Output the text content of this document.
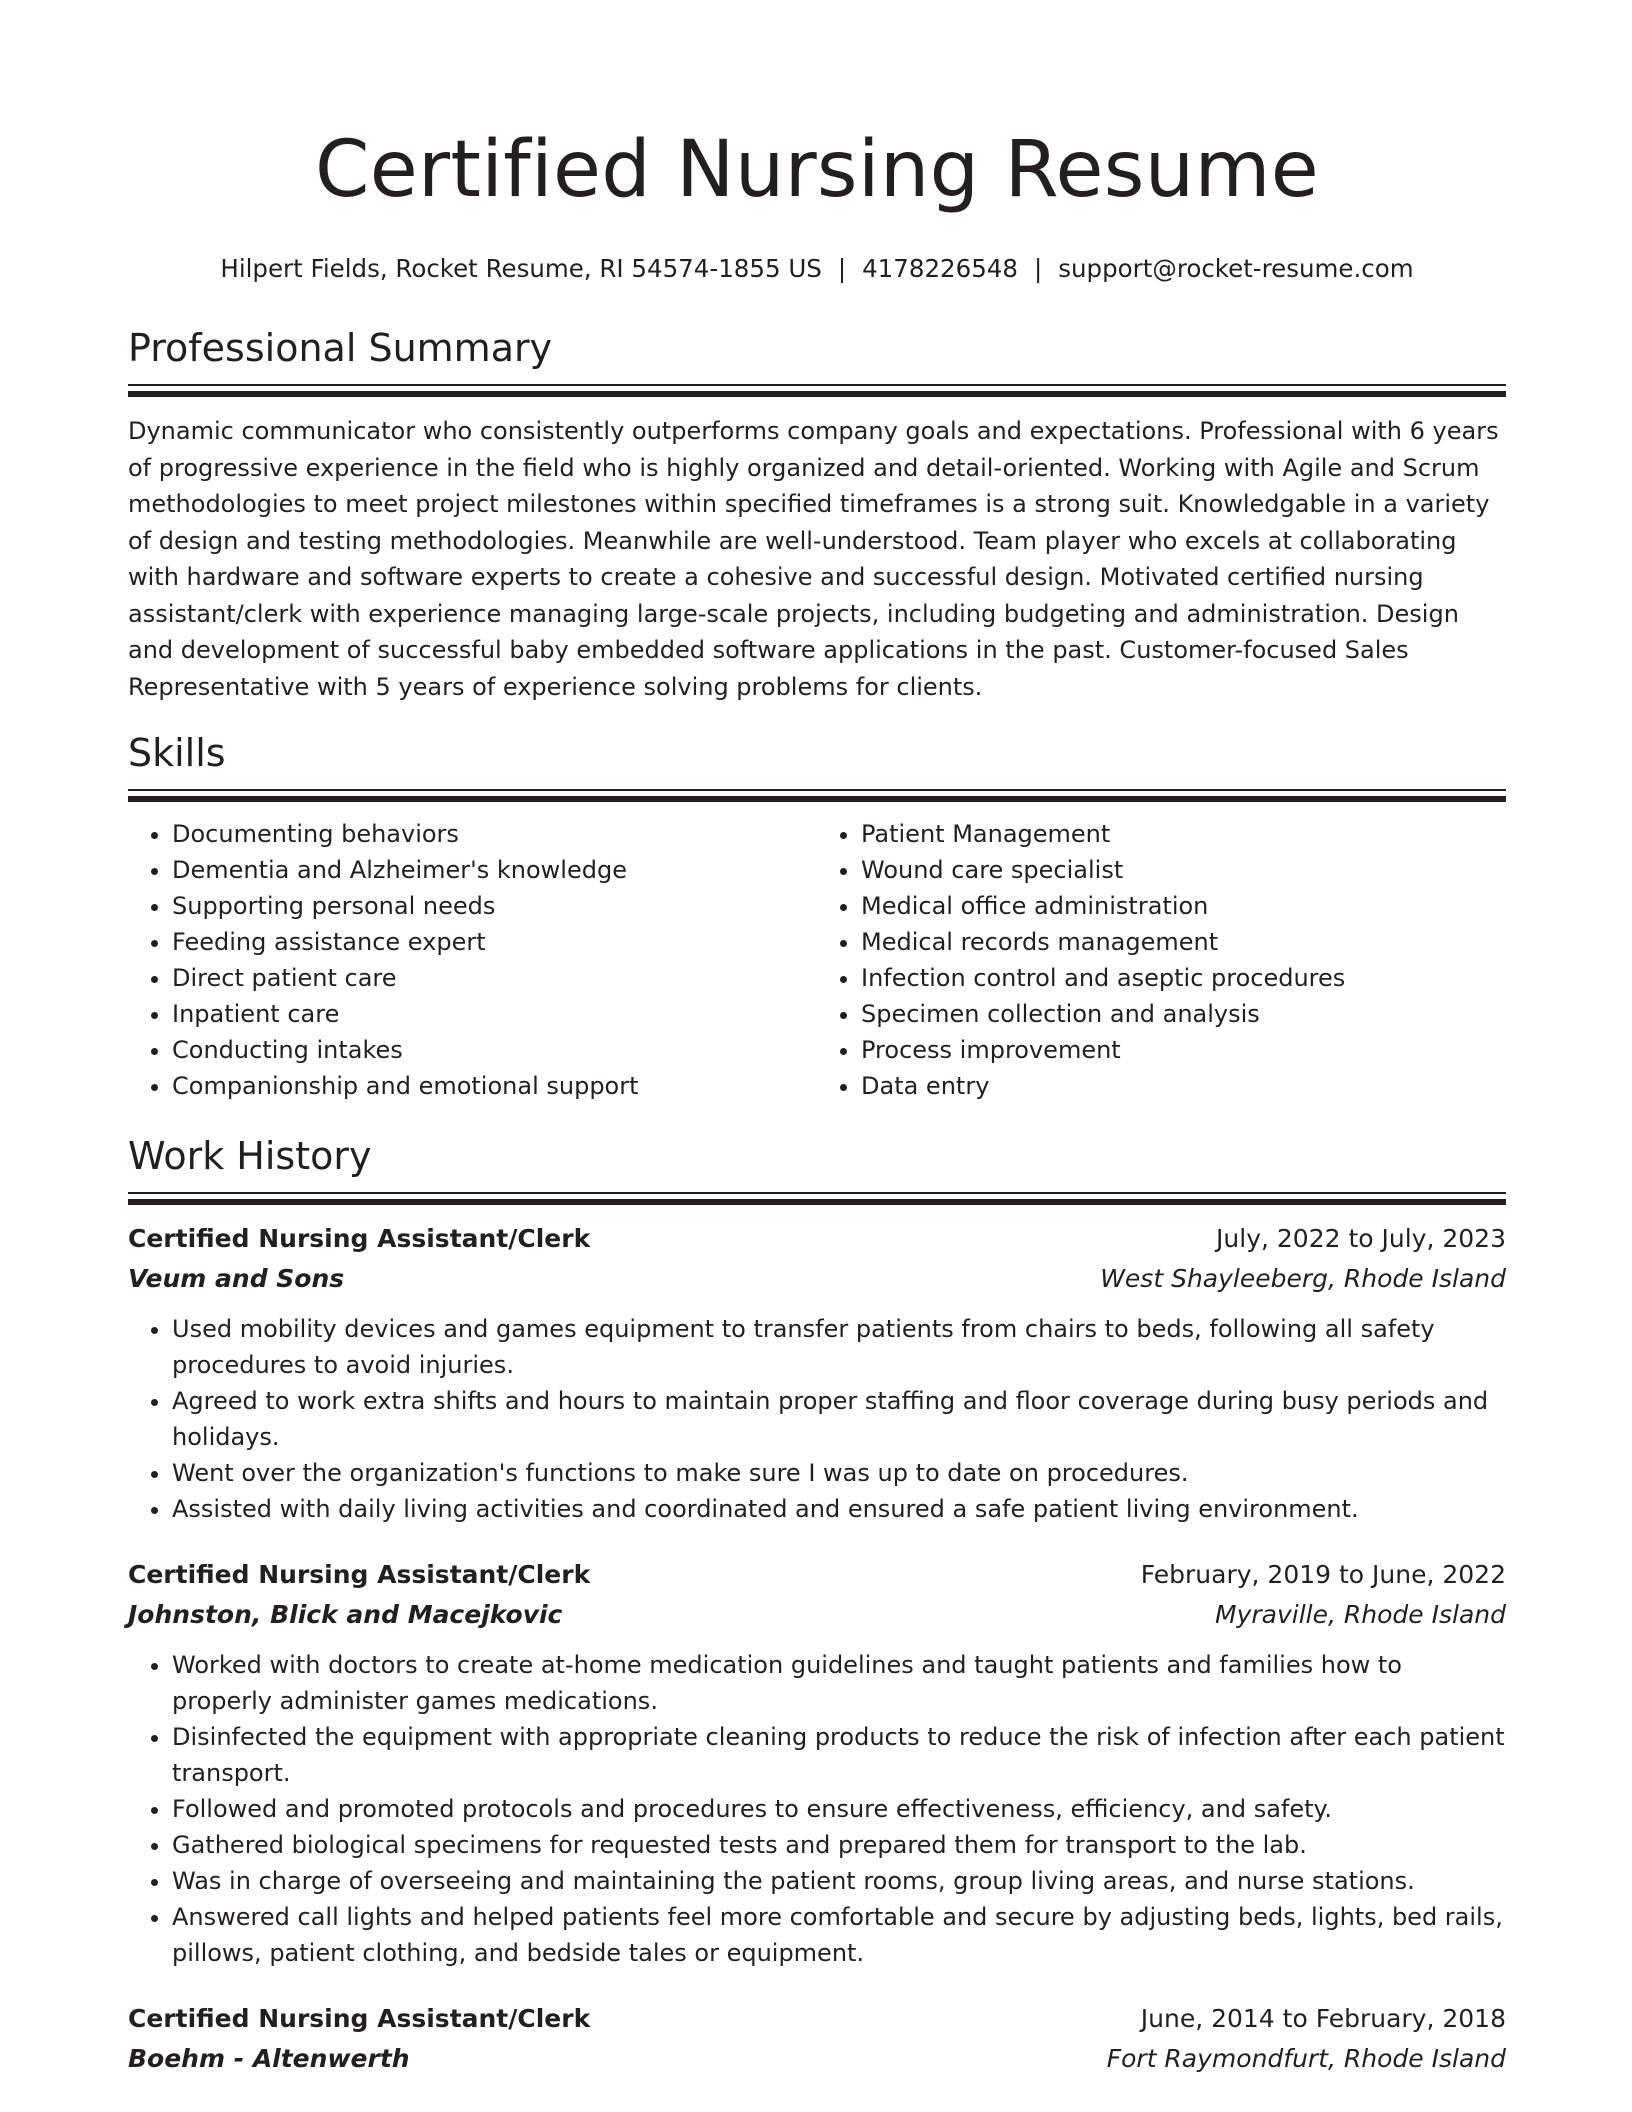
Certified Nursing Resume
Hilpert Fields, Rocket Resume, RI 54574-1855 US | 4178226548 | support@rocket-resume.com
Professional Summary

Dynamic communicator who consistently outperforms company goals and expectations. Professional with 6 years of progressive experience in the field who is highly organized and detail-oriented. Working with Agile and Scrum methodologies to meet project milestones within specified timeframes is a strong suit. Knowledgable in a variety of design and testing methodologies. Meanwhile are well-understood. Team player who excels at collaborating with hardware and software experts to create a cohesive and successful design. Motivated certified nursing assistant/clerk with experience managing large-scale projects, including budgeting and administration. Design and development of successful baby embedded software applications in the past. Customer-focused Sales Representative with 5 years of experience solving problems for clients.

Skills
• Documenting behaviors
• Dementia and Alzheimer's knowledge
• Supporting personal needs
• Feeding assistance expert
• Direct patient care
• Inpatient care
• Conducting intakes
• Companionship and emotional support
• Patient Management
• Wound care specialist
• Medical office administration
• Medical records management
• Infection control and aseptic procedures
• Specimen collection and analysis
• Process improvement
• Data entry
Work History
Certified Nursing Assistant/Clerk	July, 2022 to July, 2023
Veum and Sons	West Shayleeberg, Rhode Island
• Used mobility devices and games equipment to transfer patients from chairs to beds, following all safety procedures to avoid injuries.
• Agreed to work extra shifts and hours to maintain proper staffing and floor coverage during busy periods and holidays.
• Went over the organization's functions to make sure I was up to date on procedures.
• Assisted with daily living activities and coordinated and ensured a safe patient living environment.
Certified Nursing Assistant/Clerk	February, 2019 to June, 2022
Johnston, Blick and Macejkovic	Myraville, Rhode Island
• Worked with doctors to create at-home medication guidelines and taught patients and families how to properly administer games medications.
• Disinfected the equipment with appropriate cleaning products to reduce the risk of infection after each patient transport.
• Followed and promoted protocols and procedures to ensure effectiveness, efficiency, and safety.
• Gathered biological specimens for requested tests and prepared them for transport to the lab.
• Was in charge of overseeing and maintaining the patient rooms, group living areas, and nurse stations.
• Answered call lights and helped patients feel more comfortable and secure by adjusting beds, lights, bed rails, pillows, patient clothing, and bedside tales or equipment.
Certified Nursing Assistant/Clerk	June, 2014 to February, 2018
Boehm - Altenwerth	Fort Raymondfurt, Rhode Island
